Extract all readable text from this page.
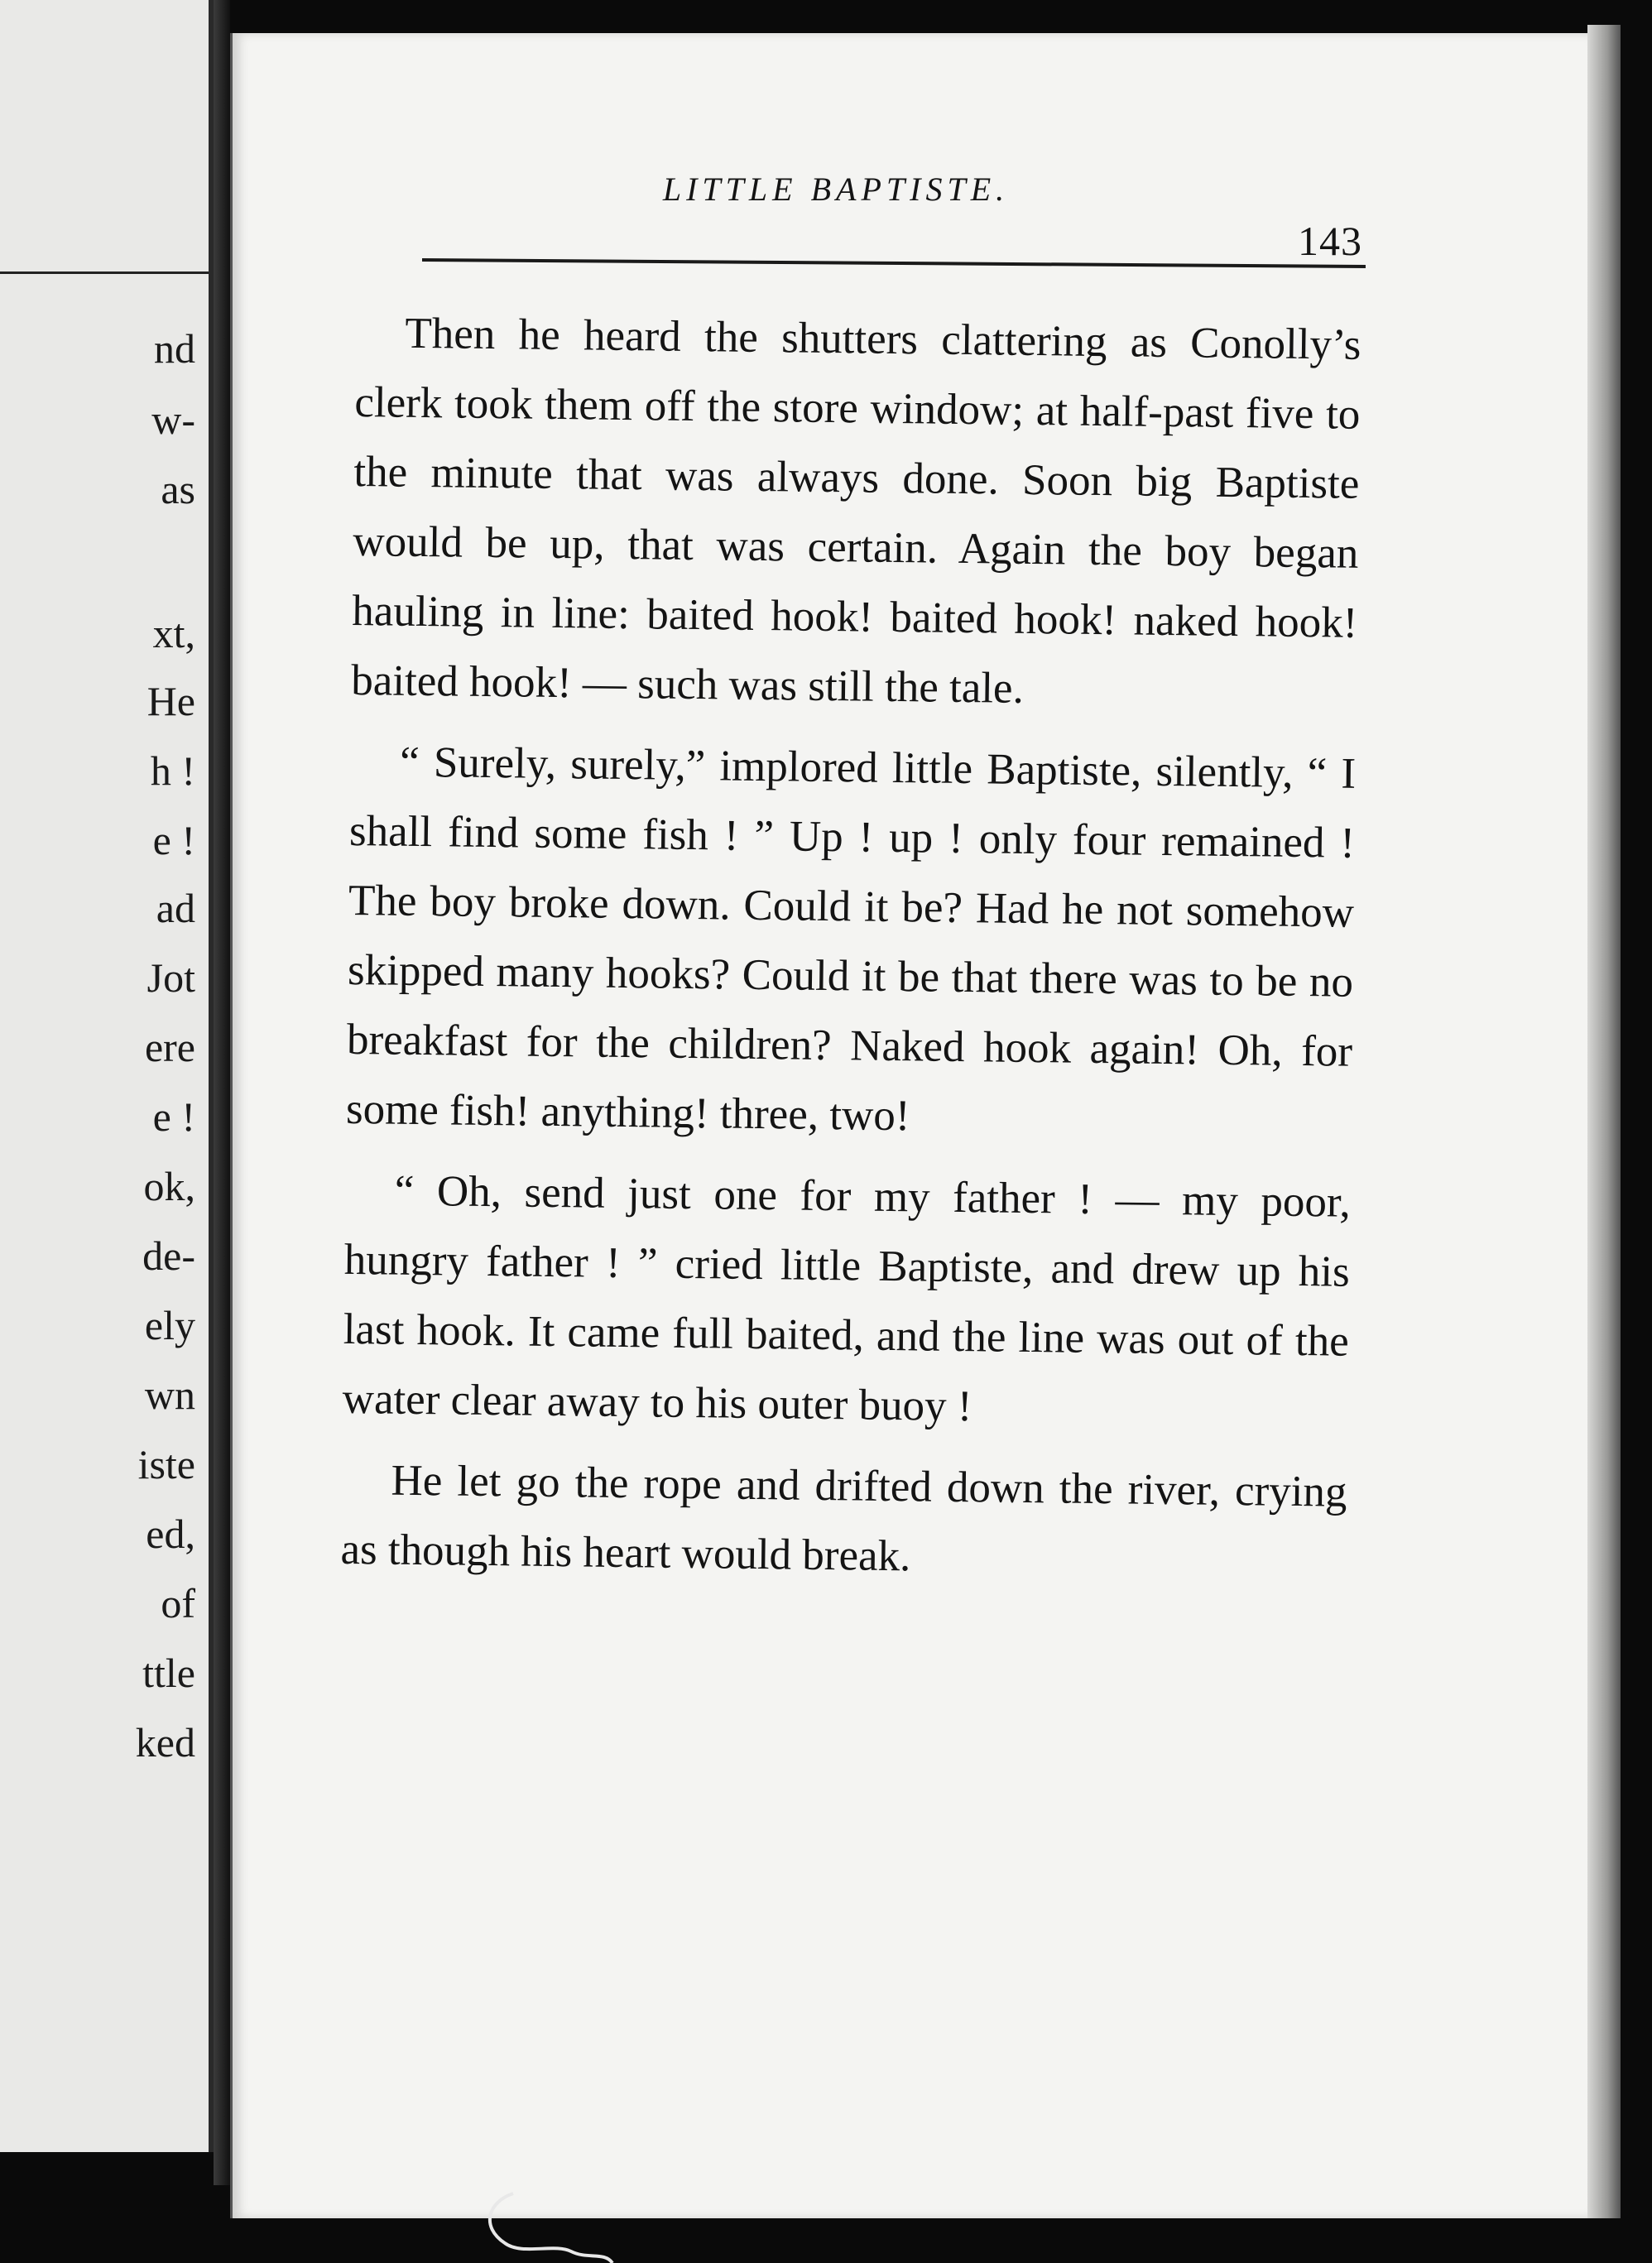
nd
w-
as
xt,
He
h !
e !
ad
Jot
ere
e !
ok,
de-
ely
wn
iste
ed,
of
ttle
ked
LITTLE BAPTISTE.
143

Then he heard the shutters clattering as Conolly’s clerk took them off the store window; at half-past five to the minute that was always done. Soon big Baptiste would be up, that was certain. Again the boy began hauling in line: baited hook! baited hook! naked hook! baited hook! — such was still the tale.

“ Surely, surely,” implored little Baptiste, silently, “ I shall find some fish ! ” Up ! up ! only four remained ! The boy broke down. Could it be? Had he not somehow skipped many hooks? Could it be that there was to be no breakfast for the children? Naked hook again! Oh, for some fish! anything! three, two!

“ Oh, send just one for my father ! — my poor, hungry father ! ” cried little Baptiste, and drew up his last hook. It came full baited, and the line was out of the water clear away to his outer buoy !

He let go the rope and drifted down the river, crying as though his heart would break.
